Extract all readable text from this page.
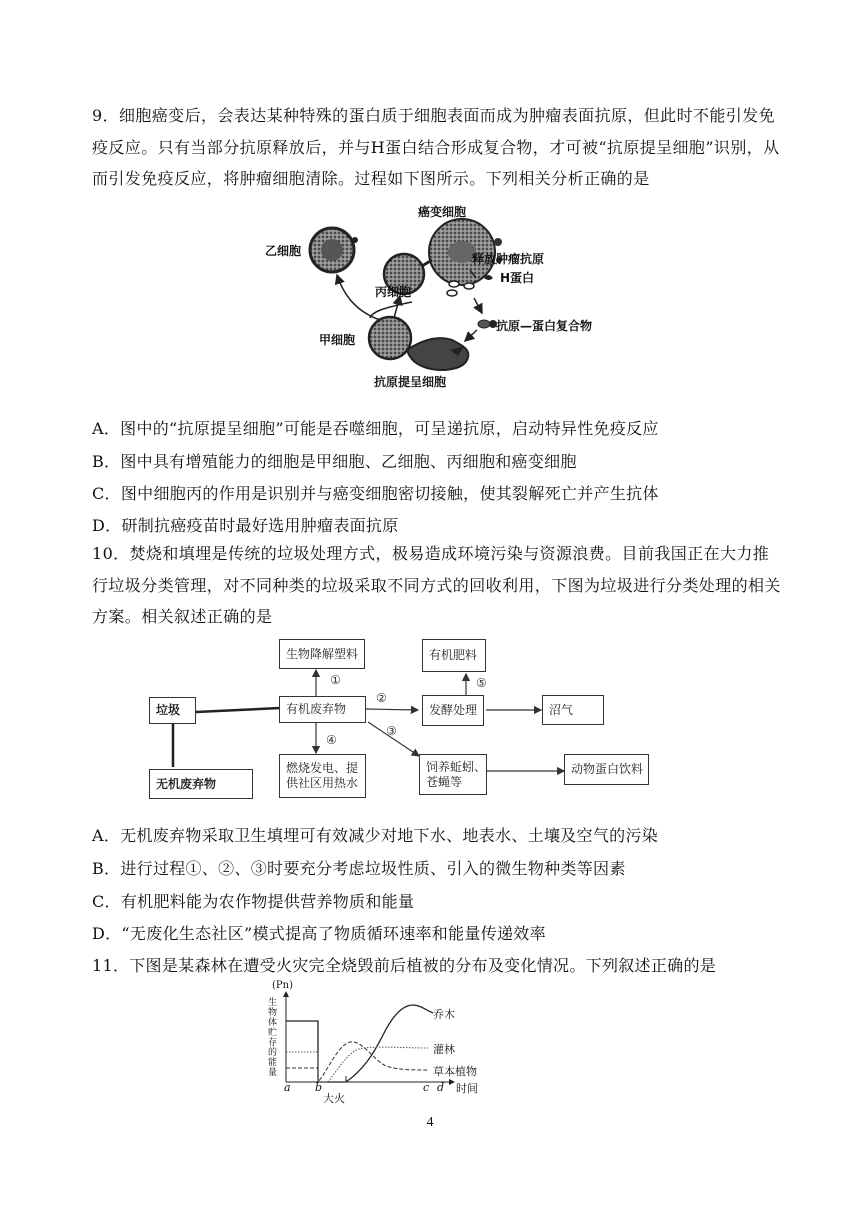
9．细胞癌变后，会表达某种特殊的蛋白质于细胞表面而成为肿瘤表面抗原，但此时不能引发免疫反应。只有当部分抗原释放后，并与H蛋白结合形成复合物，才可被“抗原提呈细胞”识别，从而引发免疫反应，将肿瘤细胞清除。过程如下图所示。下列相关分析正确的是
癌变细胞
释放肿瘤抗原
H蛋白
抗原—蛋白复合物
抗原提呈细胞
甲细胞
乙细胞
丙细胞
A．图中的“抗原提呈细胞”可能是吞噬细胞，可呈递抗原，启动特异性免疫反应
B．图中具有增殖能力的细胞是甲细胞、乙细胞、丙细胞和癌变细胞
C．图中细胞丙的作用是识别并与癌变细胞密切接触，使其裂解死亡并产生抗体
D．研制抗癌疫苗时最好选用肿瘤表面抗原
10．焚烧和填埋是传统的垃圾处理方式，极易造成环境污染与资源浪费。目前我国正在大力推行垃圾分类管理，对不同种类的垃圾采取不同方式的回收利用，下图为垃圾进行分类处理的相关方案。相关叙述正确的是
生物降解塑料	有机肥料
垃圾	有机废弃物	发酵处理	沼气
燃烧发电、提供社区用热水
饲养蚯蚓、苍蝇等
动物蛋白饮料
无机废弃物
①
②
③
④
⑤
A．无机废弃物采取卫生填埋可有效减少对地下水、地表水、土壤及空气的污染
B．进行过程①、②、③时要充分考虑垃圾性质、引入的微生物种类等因素
C．有机肥料能为农作物提供营养物质和能量
D．“无废化生态社区”模式提高了物质循环速率和能量传递效率
11．下图是某森林在遭受火灾完全烧毁前后植被的分布及变化情况。下列叙述正确的是
(Pn)
生物体贮存的能量
乔木
灌林
草本植物
a b	c d 时间
大火
4
